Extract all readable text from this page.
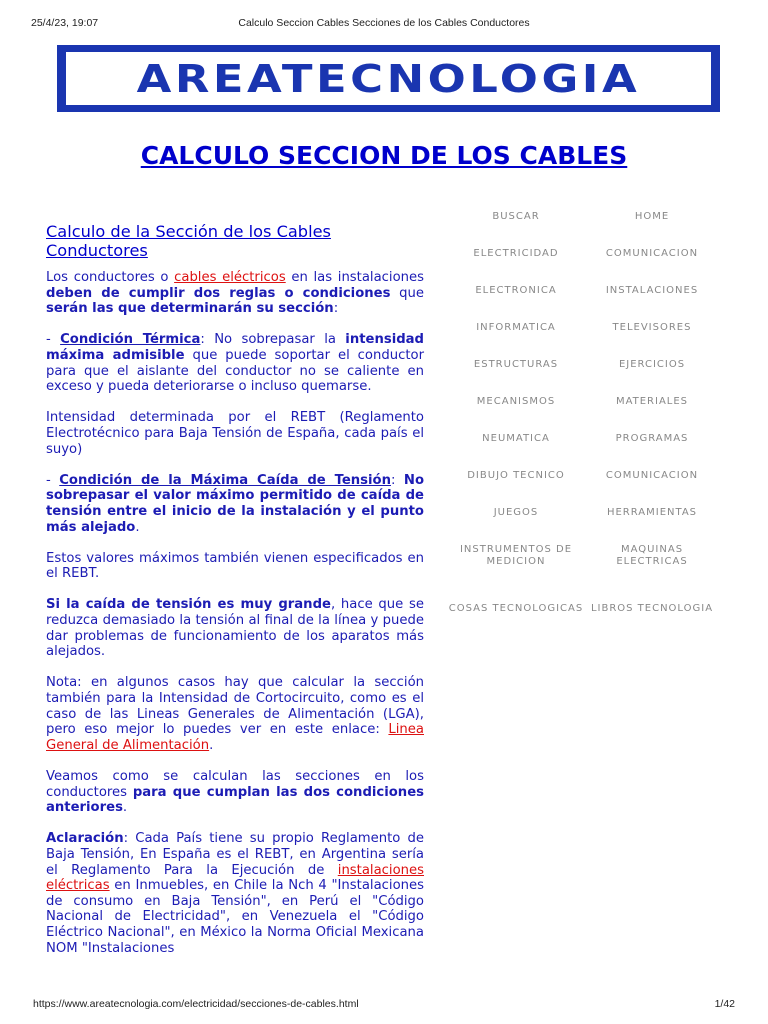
25/4/23, 19:07	Calculo Seccion Cables Secciones de los Cables Conductores
AREATECNOLOGIA
CALCULO SECCION DE LOS CABLES
Calculo de la Sección de los Cables Conductores

Los conductores o cables eléctricos en las instalaciones deben de cumplir dos reglas o condiciones que serán las que determinarán su sección:

- Condición Térmica: No sobrepasar la intensidad máxima admisible que puede soportar el conductor para que el aislante del conductor no se caliente en exceso y pueda deteriorarse o incluso quemarse.

Intensidad determinada por el REBT (Reglamento Electrotécnico para Baja Tensión de España, cada país el suyo)

- Condición de la Máxima Caída de Tensión: No sobrepasar el valor máximo permitido de caída de tensión entre el inicio de la instalación y el punto más alejado.

Estos valores máximos también vienen especificados en el REBT.

Si la caída de tensión es muy grande, hace que se reduzca demasiado la tensión al final de la línea y puede dar problemas de funcionamiento de los aparatos más alejados.

Nota: en algunos casos hay que calcular la sección también para la Intensidad de Cortocircuito, como es el caso de las Lineas Generales de Alimentación (LGA), pero eso mejor lo puedes ver en este enlace: Linea General de Alimentación.

Veamos como se calculan las secciones en los conductores para que cumplan las dos condiciones anteriores.

Aclaración: Cada País tiene su propio Reglamento de Baja Tensión, En España es el REBT, en Argentina sería el Reglamento Para la Ejecución de instalaciones eléctricas en Inmuebles, en Chile la Nch 4 "Instalaciones de consumo en Baja Tensión", en Perú el "Código Nacional de Electricidad", en Venezuela el "Código Eléctrico Nacional", en México la Norma Oficial Mexicana NOM "Instalaciones

BUSCAR	HOME
ELECTRICIDAD	COMUNICACION
ELECTRONICA	INSTALACIONES
INFORMATICA	TELEVISORES
ESTRUCTURAS	EJERCICIOS
MECANISMOS	MATERIALES
NEUMATICA	PROGRAMAS
DIBUJO TECNICO	COMUNICACION
JUEGOS	HERRAMIENTAS
INSTRUMENTOS DE MEDICION
MAQUINAS ELECTRICAS
COSAS TECNOLOGICAS LIBROS TECNOLOGIA
https://www.areatecnologia.com/electricidad/secciones-de-cables.html	1/42
